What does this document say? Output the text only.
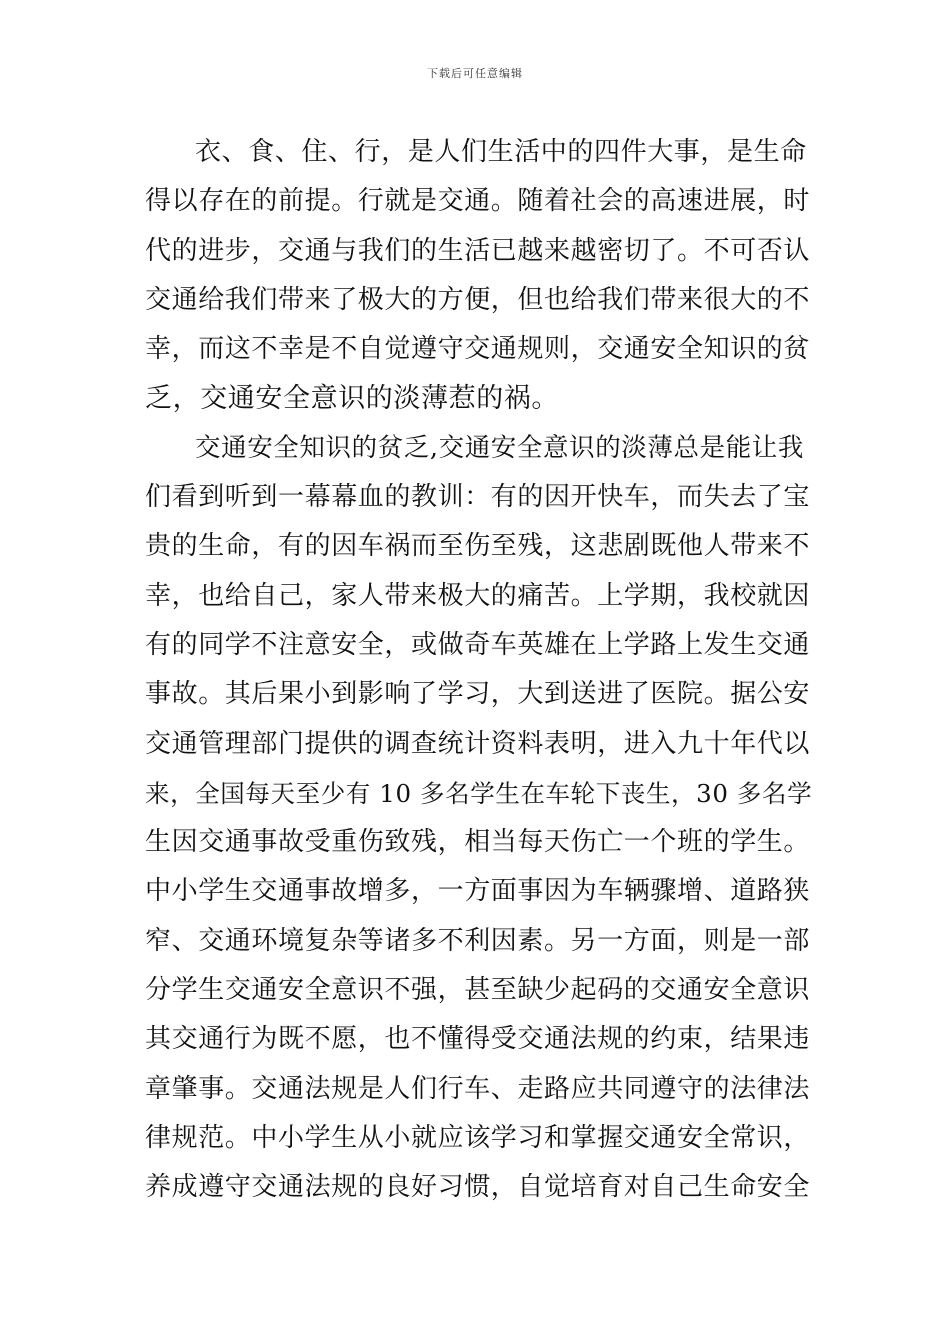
下载后可任意编辑
衣、食、住、行，是人们生活中的四件大事，是生命
得以存在的前提。行就是交通。随着社会的高速进展，时
代的进步，交通与我们的生活已越来越密切了。不可否认
交通给我们带来了极大的方便，但也给我们带来很大的不
幸，而这不幸是不自觉遵守交通规则，交通安全知识的贫
乏，交通安全意识的淡薄惹的祸。
交通安全知识的贫乏,交通安全意识的淡薄总是能让我
们看到听到一幕幕血的教训：有的因开快车，而失去了宝
贵的生命，有的因车祸而至伤至残，这悲剧既他人带来不
幸，也给自己，家人带来极大的痛苦。上学期，我校就因
有的同学不注意安全，或做奇车英雄在上学路上发生交通
事故。其后果小到影响了学习，大到送进了医院。据公安
交通管理部门提供的调查统计资料表明，进入九十年代以
来，全国每天至少有 10 多名学生在车轮下丧生，30 多名学
生因交通事故受重伤致残，相当每天伤亡一个班的学生。
中小学生交通事故增多，一方面事因为车辆骤增、道路狭
窄、交通环境复杂等诸多不利因素。另一方面，则是一部
分学生交通安全意识不强，甚至缺少起码的交通安全意识
其交通行为既不愿，也不懂得受交通法规的约束，结果违
章肇事。交通法规是人们行车、走路应共同遵守的法律法
律规范。中小学生从小就应该学习和掌握交通安全常识，
养成遵守交通法规的良好习惯，自觉培育对自己生命安全
